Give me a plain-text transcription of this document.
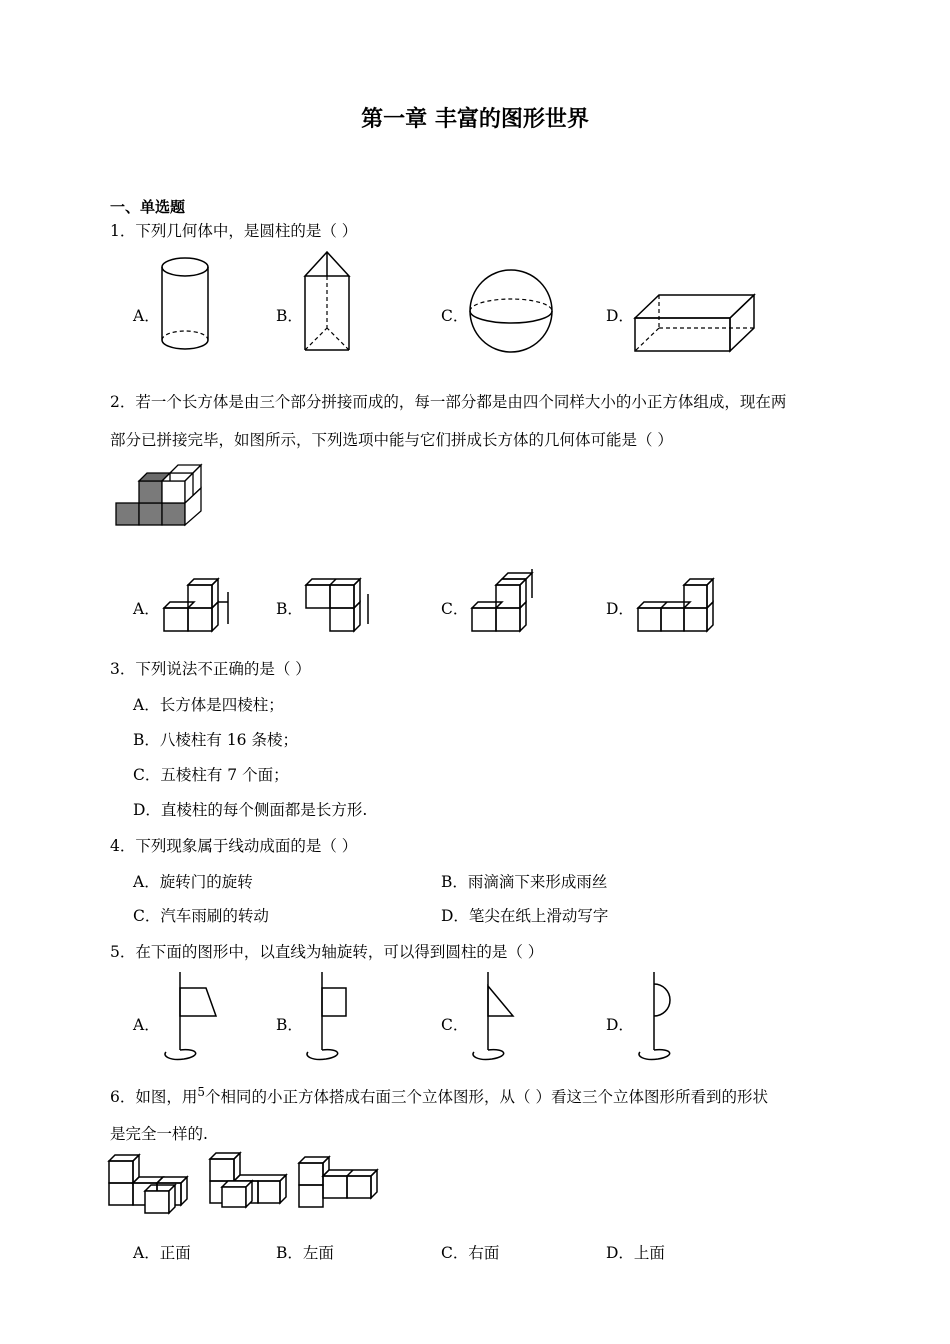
第一章 丰富的图形世界
一、单选题
1．下列几何体中，是圆柱的是（ ）
A．	B．	C．	D．
2．若一个长方体是由三个部分拼接而成的，每一部分都是由四个同样大小的小正方体组成，现在两
部分已拼接完毕，如图所示，下列选项中能与它们拼成长方体的几何体可能是（ ）
A．	B．	C．	D．
3．下列说法不正确的是（ ）
A．长方体是四棱柱；
B．八棱柱有 16 条棱；
C．五棱柱有 7 个面；
D．直棱柱的每个侧面都是长方形.
4．下列现象属于线动成面的是（ ）
A．旋转门的旋转	B．雨滴滴下来形成雨丝
C．汽车雨刷的转动	D．笔尖在纸上滑动写字
5．在下面的图形中，以直线为轴旋转，可以得到圆柱的是（ ）
A．	B．	C．	D．
6．如图，用$^5$个相同的小正方体搭成右面三个立体图形，从（ ）看这三个立体图形所看到的形状
是完全一样的.
A．正面	B．左面	C．右面	D．上面
